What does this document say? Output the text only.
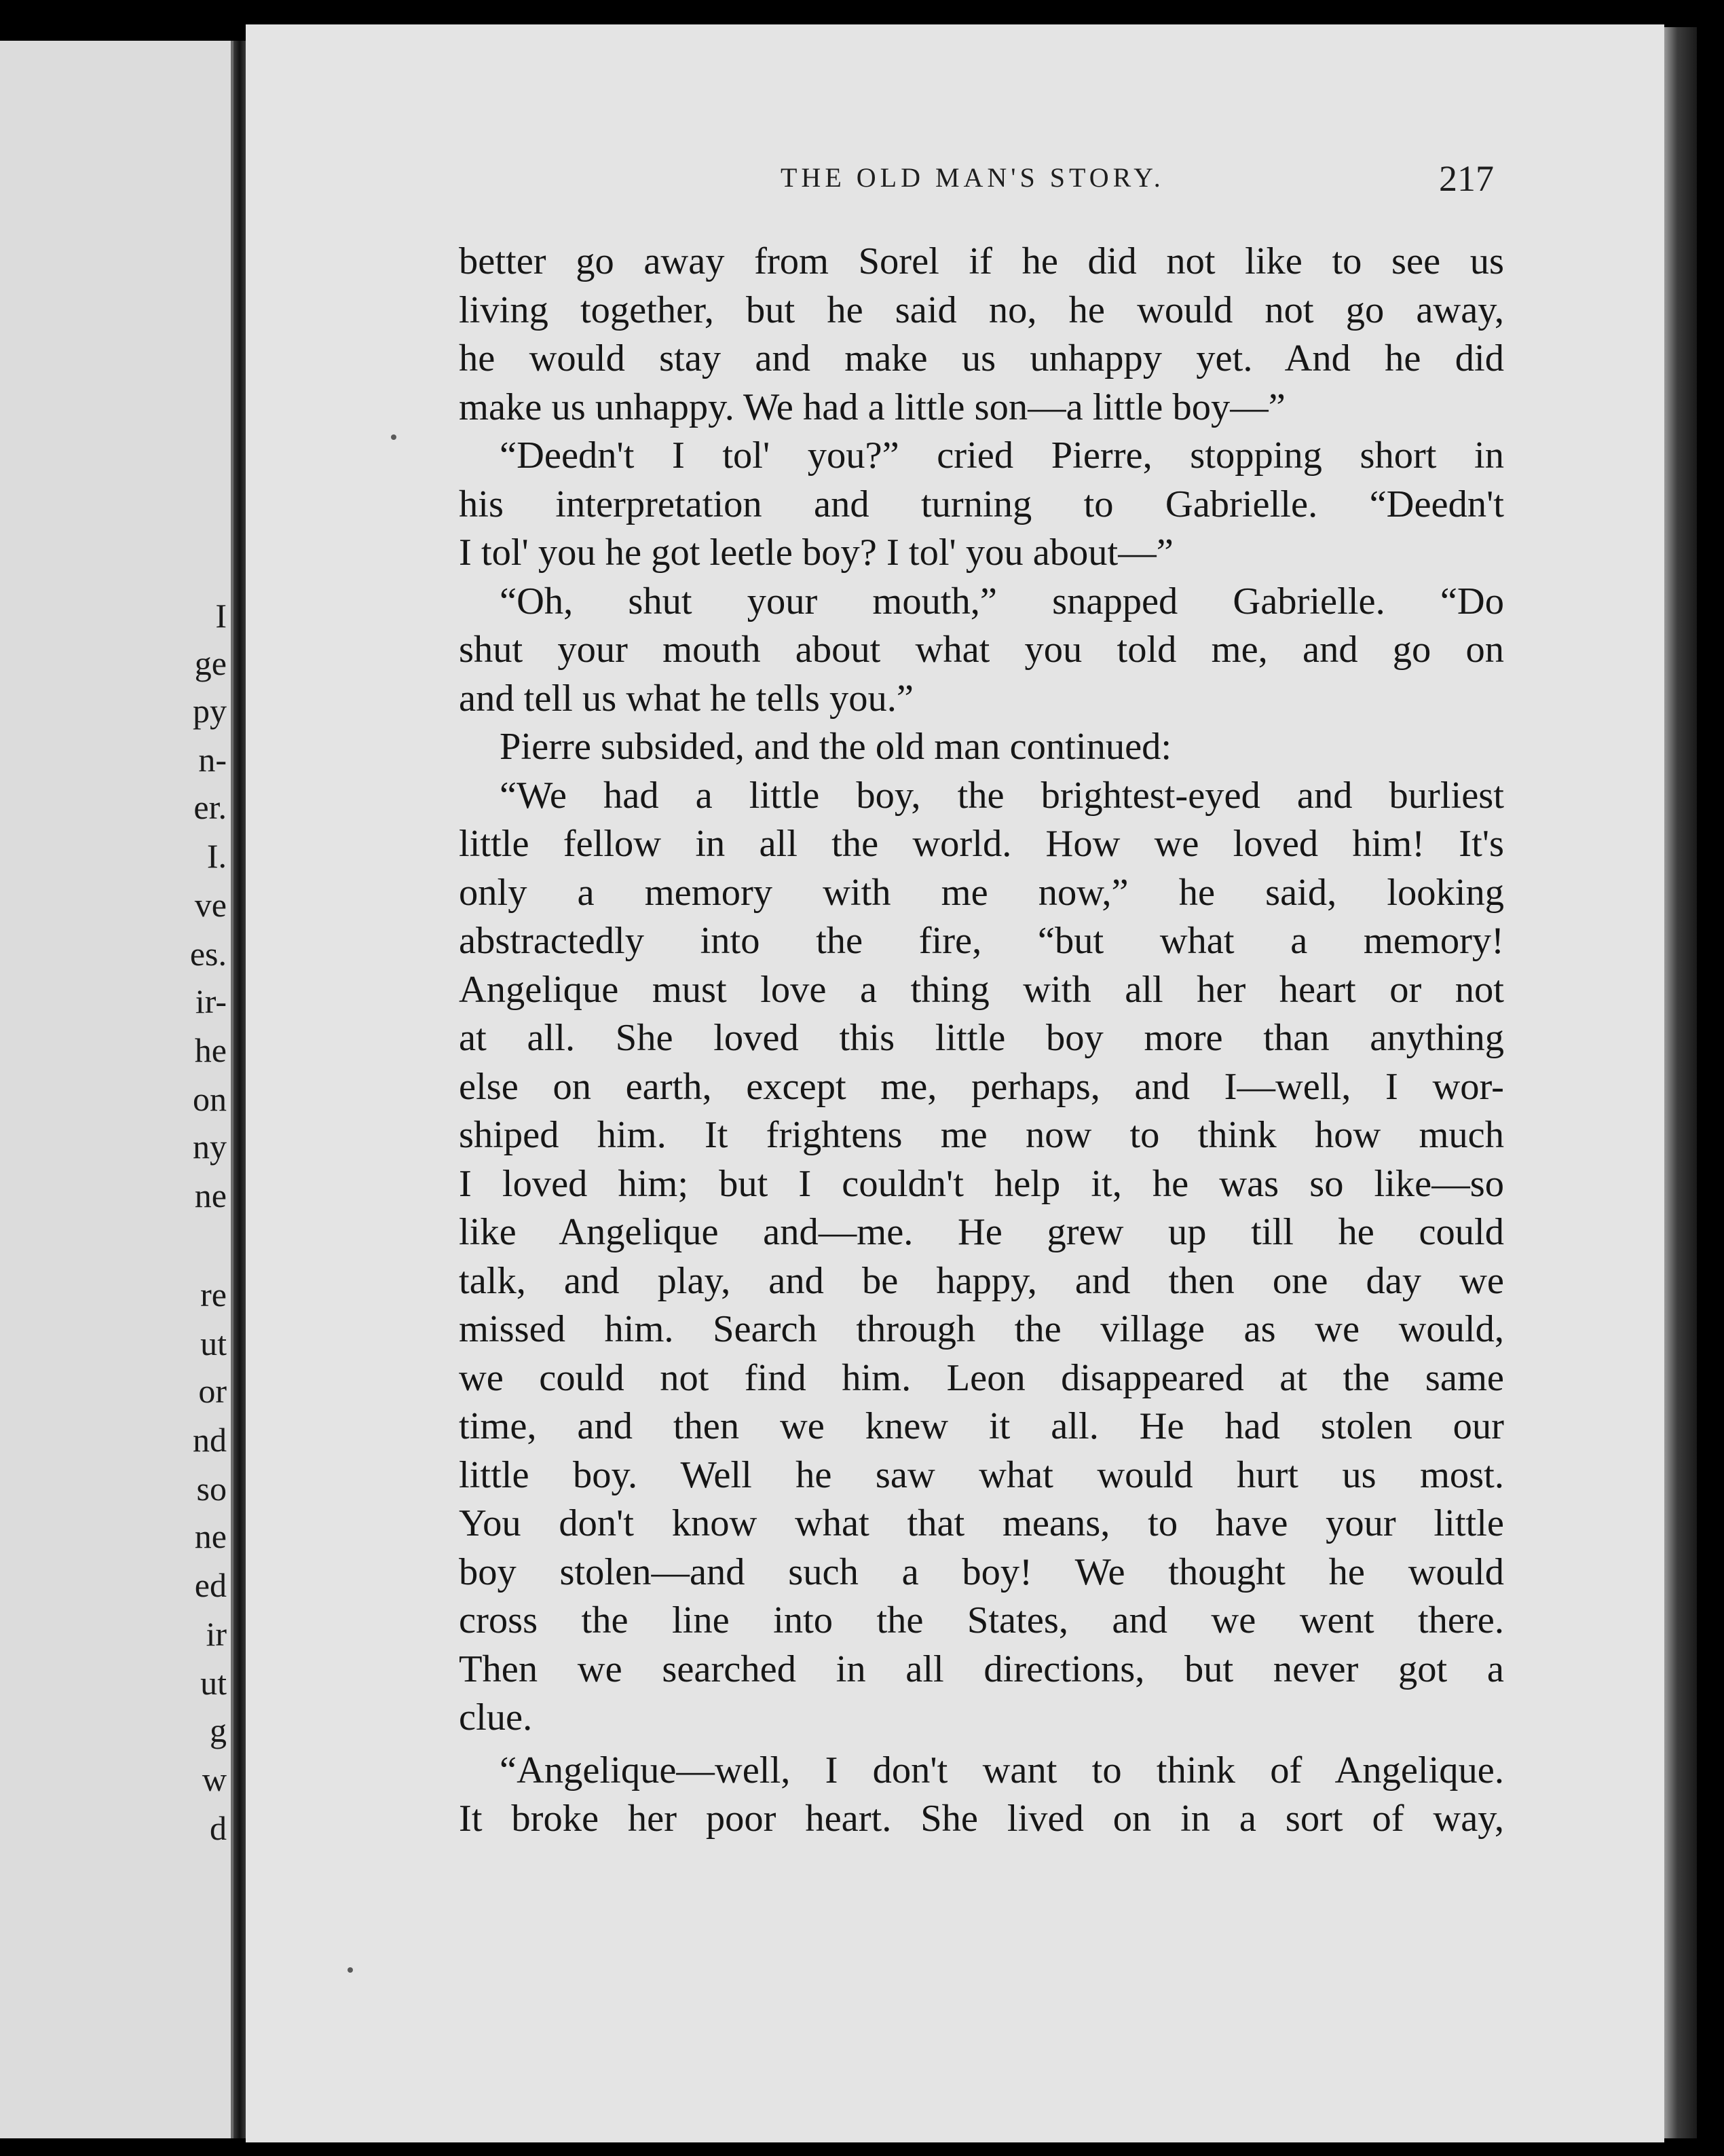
I
ge
py
n-
er.
I.
ve
es.
ir-
he
on
ny
ne
re
ut
or
nd
so
ne
ed
ir
ut
g
w
d
THE OLD MAN'S STORY.	217
better go away from Sorel if he did not like to see us
living together, but he said no, he would not go away,
he would stay and make us unhappy yet. And he did
make us unhappy. We had a little son—a little boy—”
“Deedn't I tol' you?” cried Pierre, stopping short in
his interpretation and turning to Gabrielle. “Deedn't
I tol' you he got leetle boy? I tol' you about—”
“Oh, shut your mouth,” snapped Gabrielle. “Do
shut your mouth about what you told me, and go on
and tell us what he tells you.”
Pierre subsided, and the old man continued:
“We had a little boy, the brightest-eyed and burliest
little fellow in all the world. How we loved him! It's
only a memory with me now,” he said, looking
abstractedly into the fire, “but what a memory!
Angelique must love a thing with all her heart or not
at all. She loved this little boy more than anything
else on earth, except me, perhaps, and I—well, I wor-
shiped him. It frightens me now to think how much
I loved him; but I couldn't help it, he was so like—so
like Angelique and—me. He grew up till he could
talk, and play, and be happy, and then one day we
missed him. Search through the village as we would,
we could not find him. Leon disappeared at the same
time, and then we knew it all. He had stolen our
little boy. Well he saw what would hurt us most.
You don't know what that means, to have your little
boy stolen—and such a boy! We thought he would
cross the line into the States, and we went there.
Then we searched in all directions, but never got a
clue.
“Angelique—well, I don't want to think of Angelique.
It broke her poor heart. She lived on in a sort of way,
